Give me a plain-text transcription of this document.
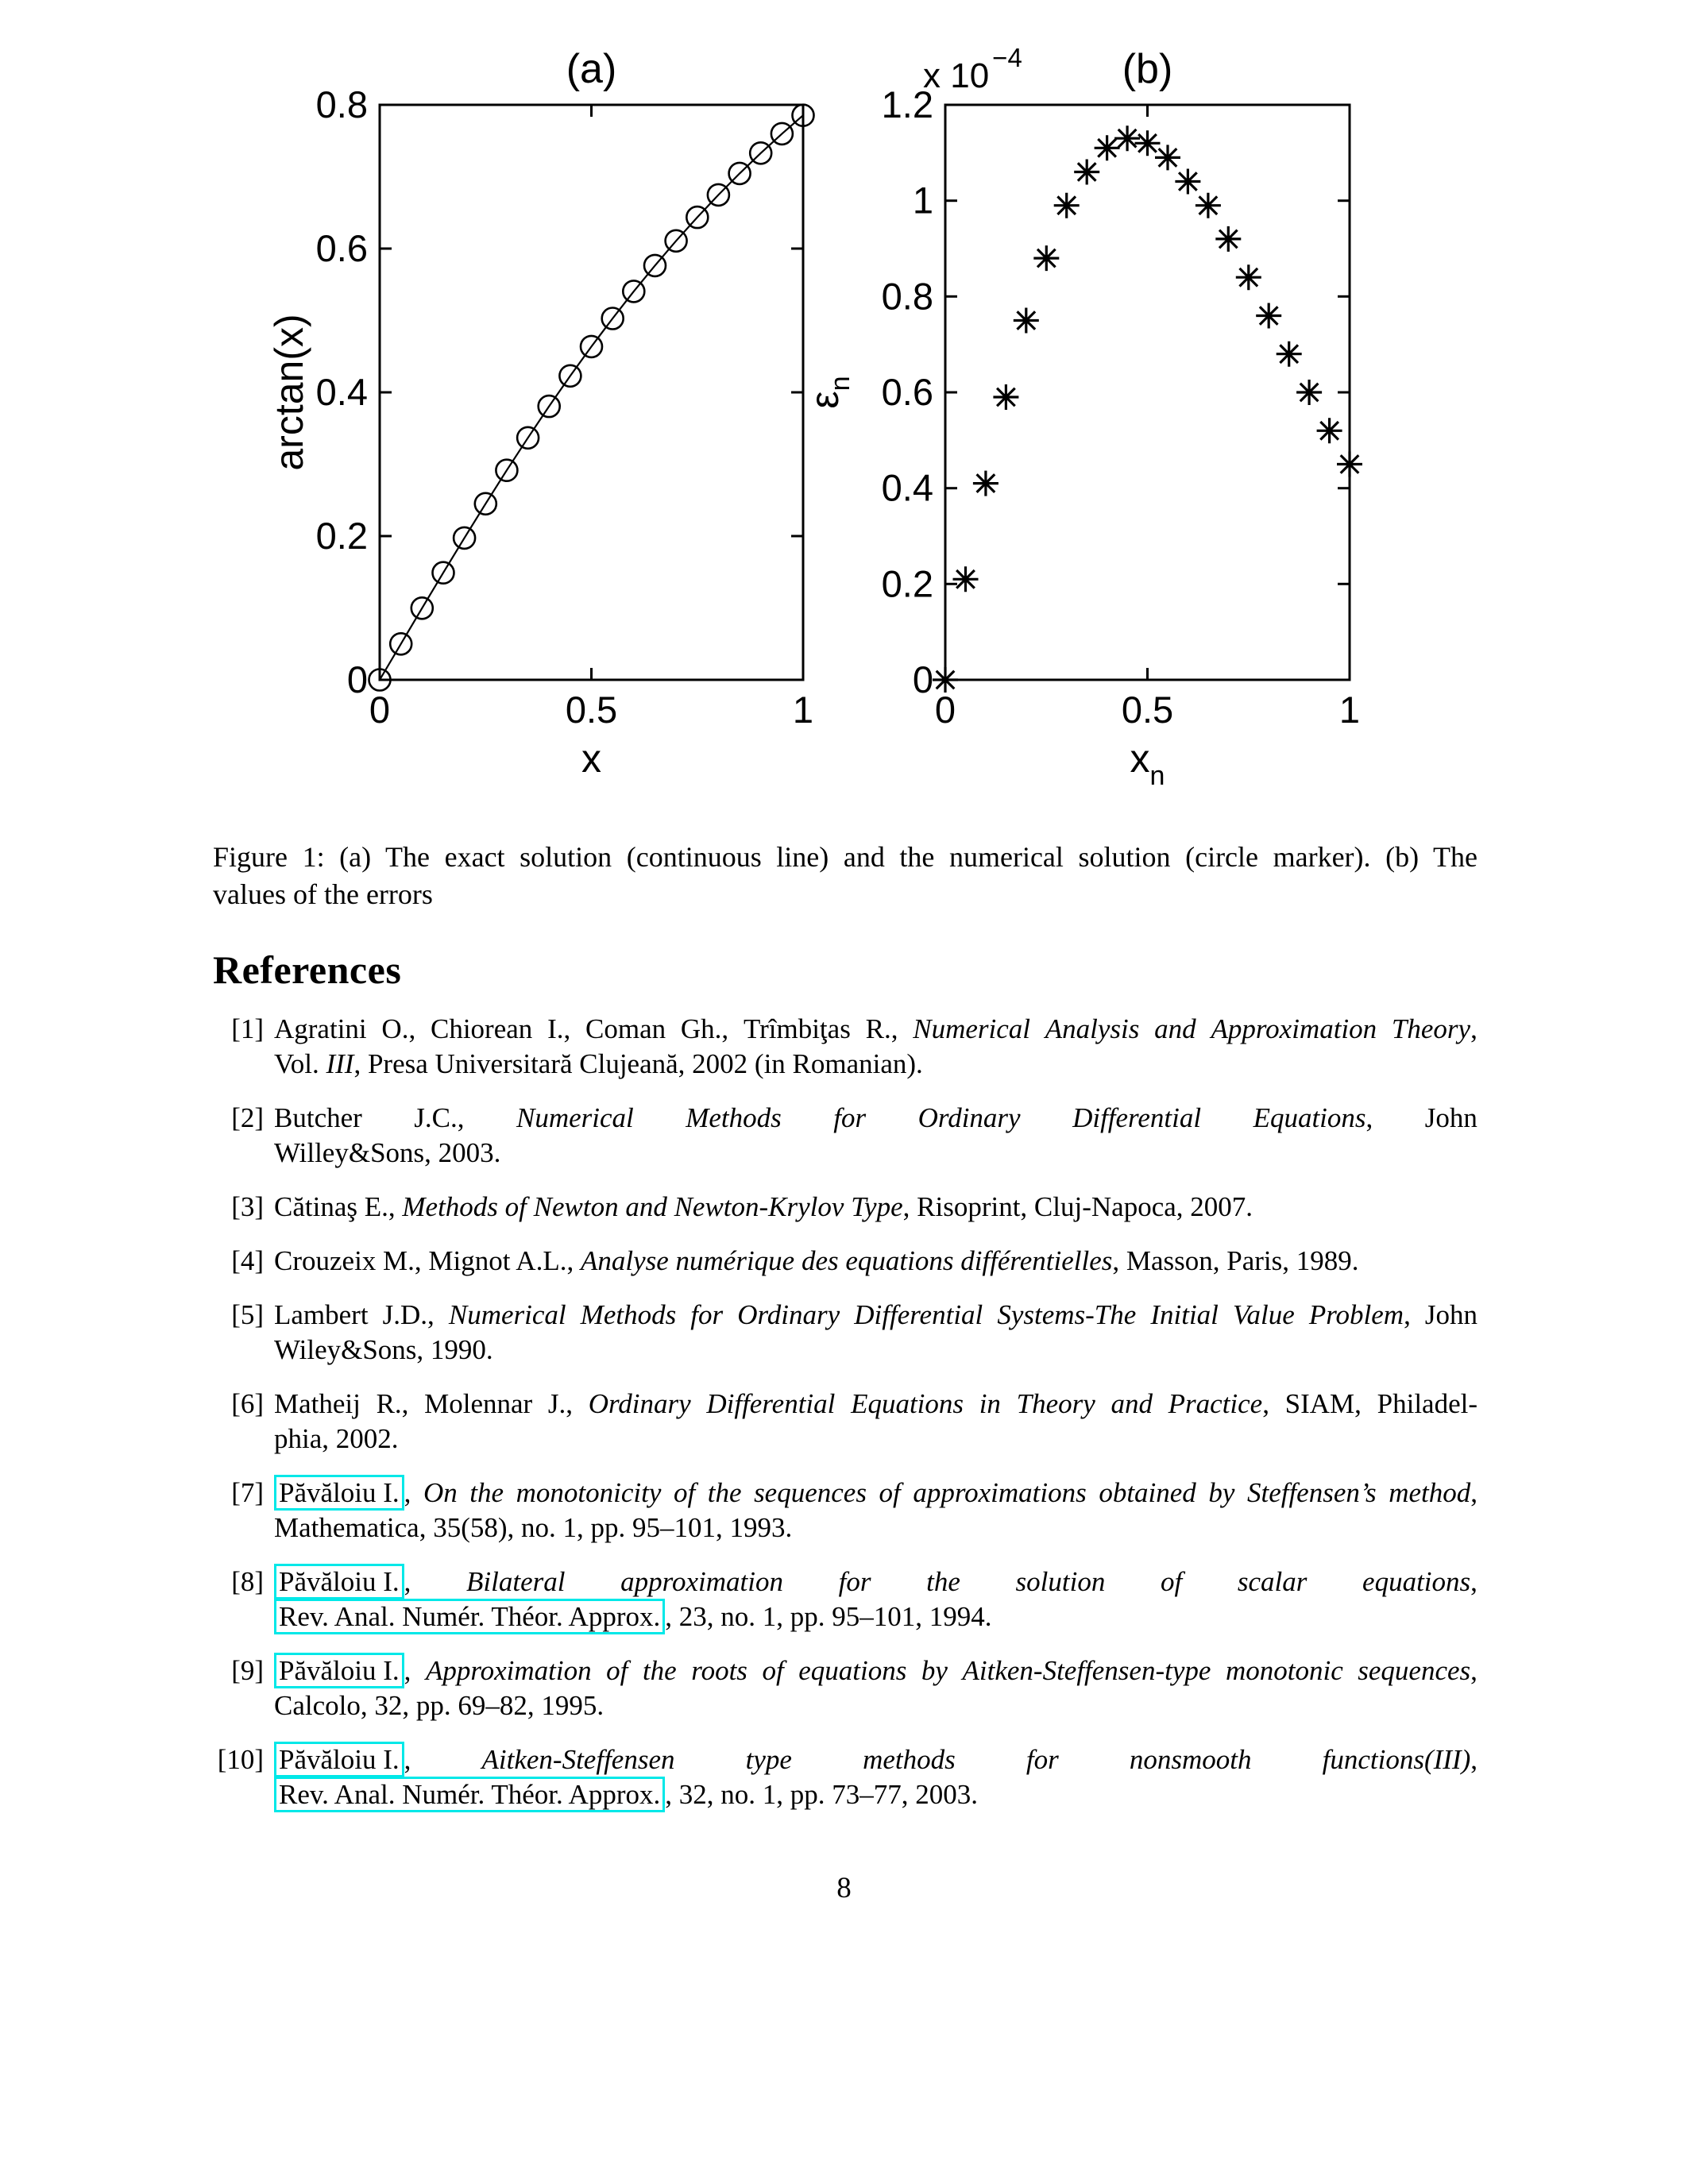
0	0.5	1
0
0.2
0.4
0.6
0.8
(a)
x
arctan(x)
0	0.5	1
0
0.2
0.4
0.6
0.8
1
1.2
(b)
$x_n$
$\varepsilon_n$
x 10 $^{-4}$
Figure 1: (a) The exact solution (continuous line) and the numerical solution (circle marker). (b) The
values of the errors
References
[1] Agratini O., Chiorean I., Coman Gh., Trîmbiţas R., Numerical Analysis and Approximation Theory,
Vol. III, Presa Universitară Clujeană, 2002 (in Romanian).
[2] Butcher J.C., Numerical Methods for Ordinary Differential Equations, John
Willey&Sons, 2003.
[3] Cătinaş E., Methods of Newton and Newton-Krylov Type, Risoprint, Cluj-Napoca, 2007.
[4] Crouzeix M., Mignot A.L., Analyse numérique des equations différentielles, Masson, Paris, 1989.
[5] Lambert J.D., Numerical Methods for Ordinary Differential Systems-The Initial Value Problem, John
Wiley&Sons, 1990.
[6] Matheij R., Molennar J., Ordinary Differential Equations in Theory and Practice, SIAM, Philadel-
phia, 2002.
[7] Păvăloiu I. , On the monotonicity of the sequences of approximations obtained by Steffensen’s method,
Mathematica, 35(58), no. 1, pp. 95–101, 1993.
[8] Păvăloiu I. , Bilateral approximation for the solution of scalar equations,
Rev. Anal. Numér. Théor. Approx. , 23, no. 1, pp. 95–101, 1994.
[9] Păvăloiu I. , Approximation of the roots of equations by Aitken-Steffensen-type monotonic sequences,
Calcolo, 32, pp. 69–82, 1995.
[10] Păvăloiu I. ,	Aitken-Steffensen	type	methods	for	nonsmooth	functions(III),
Rev. Anal. Numér. Théor. Approx. , 32, no. 1, pp. 73–77, 2003.
8
